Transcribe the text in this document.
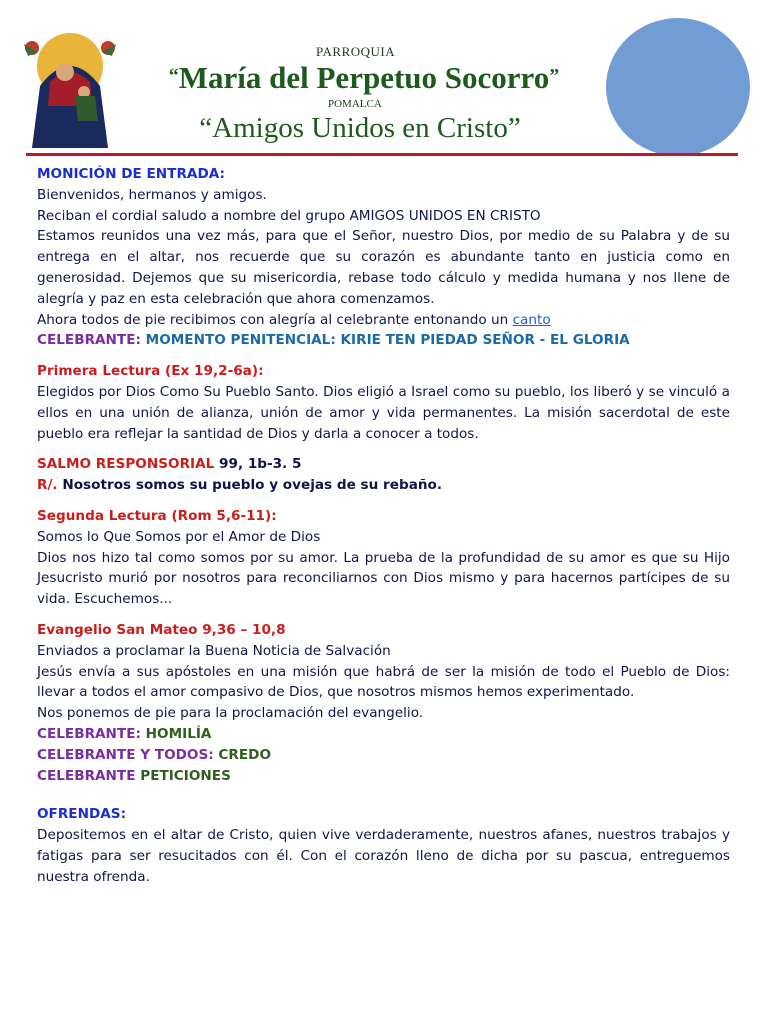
PARROQUIA
“María del Perpetuo Socorro”
POMALCA
“Amigos Unidos en Cristo”

MONICIÓN DE ENTRADA:

Bienvenidos, hermanos y amigos.

Reciban el cordial saludo a nombre del grupo AMIGOS UNIDOS EN CRISTO

Estamos reunidos una vez más, para que el Señor, nuestro Dios, por medio de su Palabra y de su entrega en el altar, nos recuerde que su corazón es abundante tanto en justicia como en generosidad. Dejemos que su misericordia, rebase todo cálculo y medida humana y nos llene de alegría y paz en esta celebración que ahora comenzamos.

Ahora todos de pie recibimos con alegría al celebrante entonando un canto

CELEBRANTE: MOMENTO PENITENCIAL: KIRIE TEN PIEDAD SEÑOR - EL GLORIA

Primera Lectura (Ex 19,2-6a):

Elegidos por Dios Como Su Pueblo Santo. Dios eligió a Israel como su pueblo, los liberó y se vinculó a ellos en una unión de alianza, unión de amor y vida permanentes. La misión sacerdotal de este pueblo era reflejar la santidad de Dios y darla a conocer a todos.

SALMO RESPONSORIAL 99, 1b-3. 5

R/. Nosotros somos su pueblo y ovejas de su rebaño.

Segunda Lectura (Rom 5,6-11):

Somos lo Que Somos por el Amor de Dios

Dios nos hizo tal como somos por su amor. La prueba de la profundidad de su amor es que su Hijo Jesucristo murió por nosotros para reconciliarnos con Dios mismo y para hacernos partícipes de su vida. Escuchemos...

Evangelio San Mateo 9,36 – 10,8

Enviados a proclamar la Buena Noticia de Salvación

Jesús envía a sus apóstoles en una misión que habrá de ser la misión de todo el Pueblo de Dios: llevar a todos el amor compasivo de Dios, que nosotros mismos hemos experimentado.

Nos ponemos de pie para la proclamación del evangelio.

CELEBRANTE: HOMILÍA

CELEBRANTE Y TODOS: CREDO

CELEBRANTE PETICIONES

OFRENDAS:

Depositemos en el altar de Cristo, quien vive verdaderamente, nuestros afanes, nuestros trabajos y fatigas para ser resucitados con él. Con el corazón lleno de dicha por su pascua, entreguemos nuestra ofrenda.
